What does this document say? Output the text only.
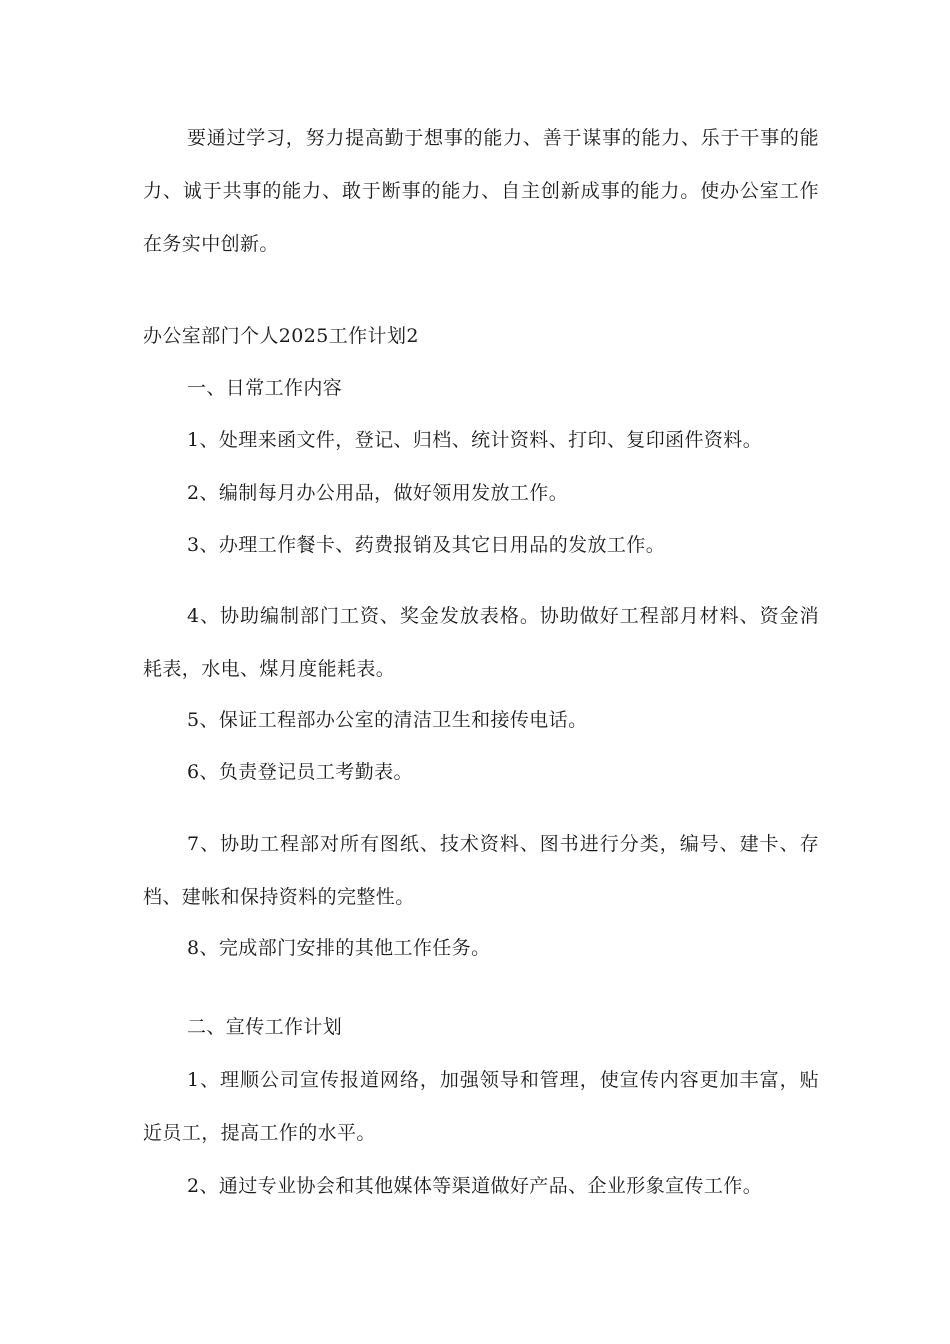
要通过学习，努力提高勤于想事的能力、善于谋事的能力、乐于干事的能力、诚于共事的能力、敢于断事的能力、自主创新成事的能力。使办公室工作在务实中创新。

办公室部门个人2025工作计划2

一、日常工作内容

1、处理来函文件，登记、归档、统计资料、打印、复印函件资料。

2、编制每月办公用品，做好领用发放工作。

3、办理工作餐卡、药费报销及其它日用品的发放工作。

4、协助编制部门工资、奖金发放表格。协助做好工程部月材料、资金消耗表，水电、煤月度能耗表。

5、保证工程部办公室的清洁卫生和接传电话。

6、负责登记员工考勤表。

7、协助工程部对所有图纸、技术资料、图书进行分类，编号、建卡、存档、建帐和保持资料的完整性。

8、完成部门安排的其他工作任务。

二、宣传工作计划

1、理顺公司宣传报道网络，加强领导和管理，使宣传内容更加丰富，贴近员工，提高工作的水平。

2、通过专业协会和其他媒体等渠道做好产品、企业形象宣传工作。
